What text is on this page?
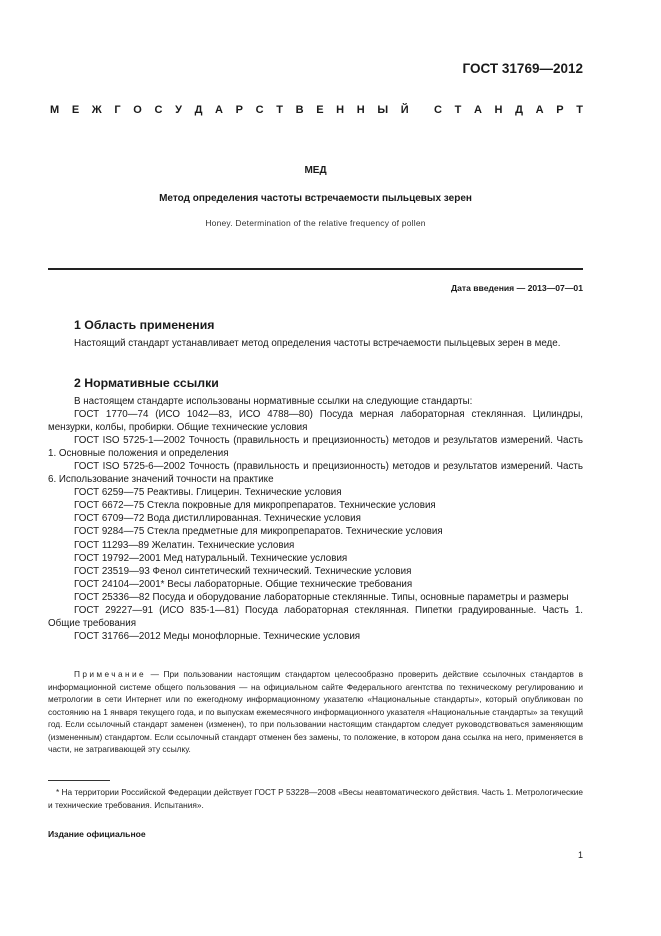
ГОСТ 31769—2012
М Е Ж Г О С У Д А Р С Т В Е Н Н Ы Й С Т А Н Д А Р Т
МЕД
Метод определения частоты встречаемости пыльцевых зерен
Honey. Determination of the relative frequency of pollen
Дата введения — 2013—07—01
1 Область применения

Настоящий стандарт устанавливает метод определения частоты встречаемости пыльцевых зерен в меде.

2 Нормативные ссылки

В настоящем стандарте использованы нормативные ссылки на следующие стандарты:

ГОСТ 1770—74 (ИСО 1042—83, ИСО 4788—80) Посуда мерная лабораторная стеклянная. Цилиндры, мензурки, колбы, пробирки. Общие технические условия

ГОСТ ISO 5725-1—2002 Точность (правильность и прецизионность) методов и результатов измерений. Часть 1. Основные положения и определения

ГОСТ ISO 5725-6—2002 Точность (правильность и прецизионность) методов и результатов измерений. Часть 6. Использование значений точности на практике

ГОСТ 6259—75 Реактивы. Глицерин. Технические условия

ГОСТ 6672—75 Стекла покровные для микропрепаратов. Технические условия

ГОСТ 6709—72 Вода дистиллированная. Технические условия

ГОСТ 9284—75 Стекла предметные для микропрепаратов. Технические условия

ГОСТ 11293—89 Желатин. Технические условия

ГОСТ 19792—2001 Мед натуральный. Технические условия

ГОСТ 23519—93 Фенол синтетический технический. Технические условия

ГОСТ 24104—2001* Весы лабораторные. Общие технические требования

ГОСТ 25336—82 Посуда и оборудование лабораторные стеклянные. Типы, основные параметры и размеры

ГОСТ 29227—91 (ИСО 835-1—81) Посуда лабораторная стеклянная. Пипетки градуированные. Часть 1. Общие требования

ГОСТ 31766—2012 Меды монофлорные. Технические условия

Примечание — При пользовании настоящим стандартом целесообразно проверить действие ссылочных стандартов в информационной системе общего пользования — на официальном сайте Федерального агентства по техническому регулированию и метрологии в сети Интернет или по ежегодному информационному указателю «Национальные стандарты», который опубликован по состоянию на 1 января текущего года, и по выпускам ежемесячного информационного указателя «Национальные стандарты» за текущий год. Если ссылочный стандарт заменен (изменен), то при пользовании настоящим стандартом следует руководствоваться заменяющим (измененным) стандартом. Если ссылочный стандарт отменен без замены, то положение, в котором дана ссылка на него, применяется в части, не затрагивающей эту ссылку.

* На территории Российской Федерации действует ГОСТ Р 53228—2008 «Весы неавтоматического действия. Часть 1. Метрологические и технические требования. Испытания».

Издание официальное
1
